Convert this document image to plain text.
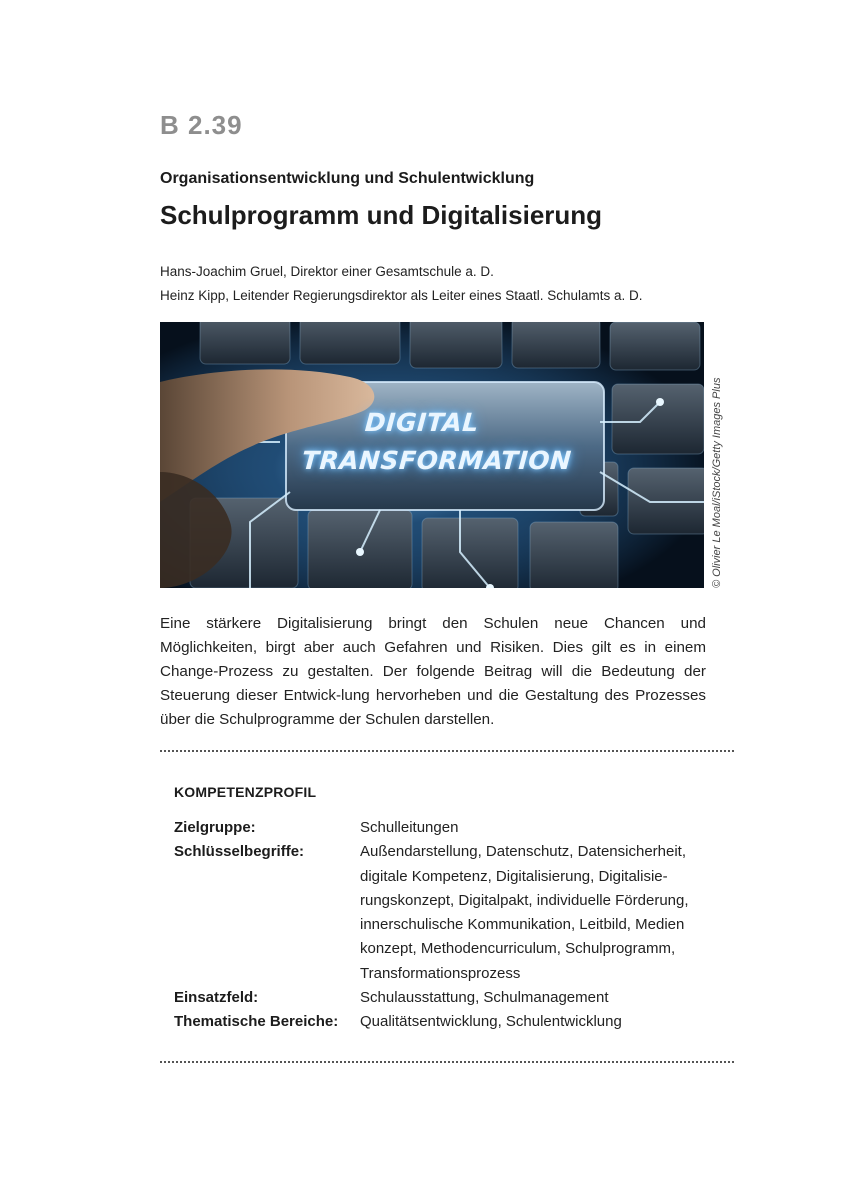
B 2.39
Organisationsentwicklung und Schulentwicklung
Schulprogramm und Digitalisierung
Hans-Joachim Gruel, Direktor einer Gesamtschule a. D.
Heinz Kipp, Leitender Regierungsdirektor als Leiter eines Staatl. Schulamts a. D.
DIGITAL
TRANSFORMATION	© Olivier Le Moal/iStock/Getty Images Plus
Eine stärkere Digitalisierung bringt den Schulen neue Chancen und Möglichkeiten, birgt aber auch Gefahren und Risiken. Dies gilt es in einem Change-Prozess zu gestalten. Der folgende Beitrag will die Bedeutung der Steuerung dieser Entwick-lung hervorheben und die Gestaltung des Prozesses über die Schulprogramme der Schulen darstellen.
KOMPETENZPROFIL
Zielgruppe:	Schulleitungen
Schlüsselbegriffe:	Außendarstellung, Datenschutz, Datensicherheit, digitale Kompetenz, Digitalisierung, Digitalisie-rungskonzept, Digitalpakt, individuelle Förderung, innerschulische Kommunikation, Leitbild, Medien konzept, Methodencurriculum, Schulprogramm, Transformationsprozess
Einsatzfeld:	Schulausstattung, Schulmanagement
Thematische Bereiche:	Qualitätsentwicklung, Schulentwicklung
